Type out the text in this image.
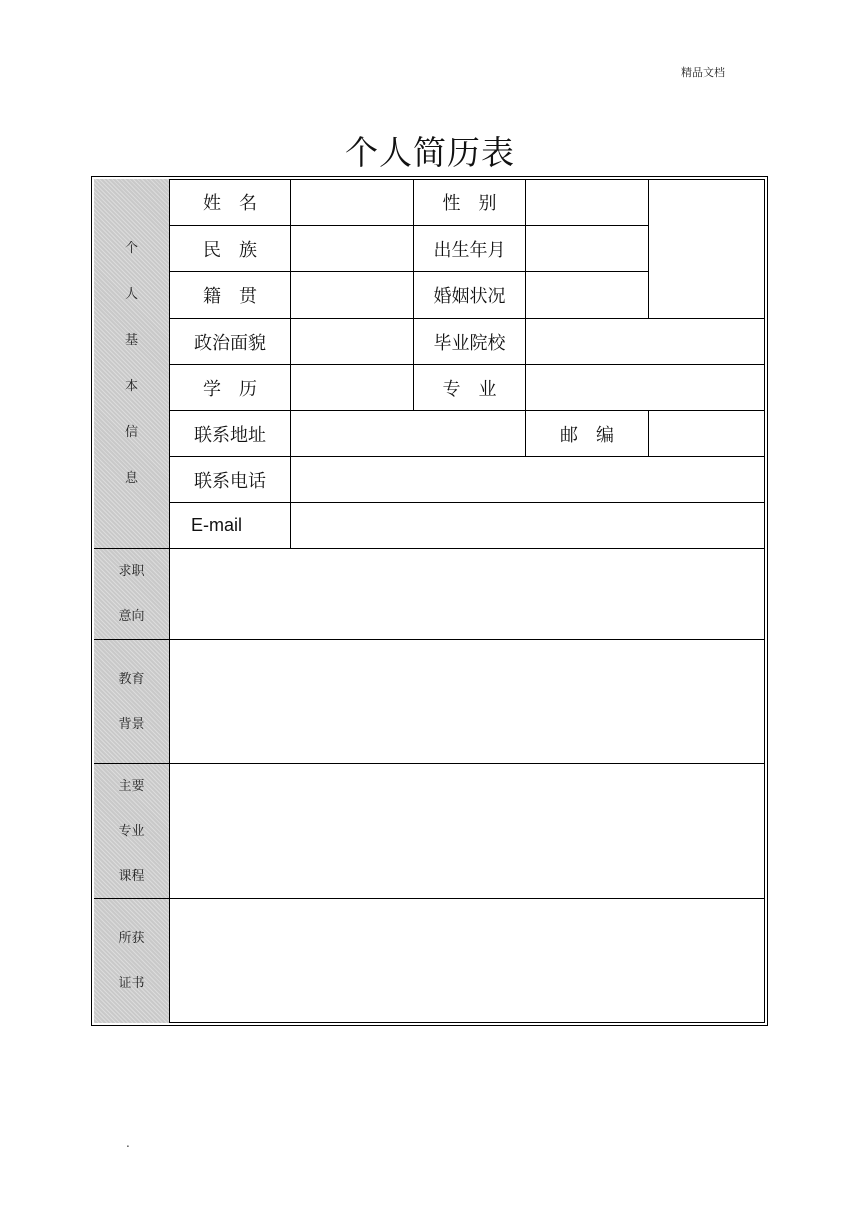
精品文档
个人简历表
个
人
基
本
信
息
姓　名	性　别
民　族	出生年月
籍　贯	婚姻状况
政治面貌	毕业院校
学　历	专　业
联系地址	邮　编
联系电话
E-mail
求职
意向
教育
背景
主要
专业
课程
所获
证书
.
